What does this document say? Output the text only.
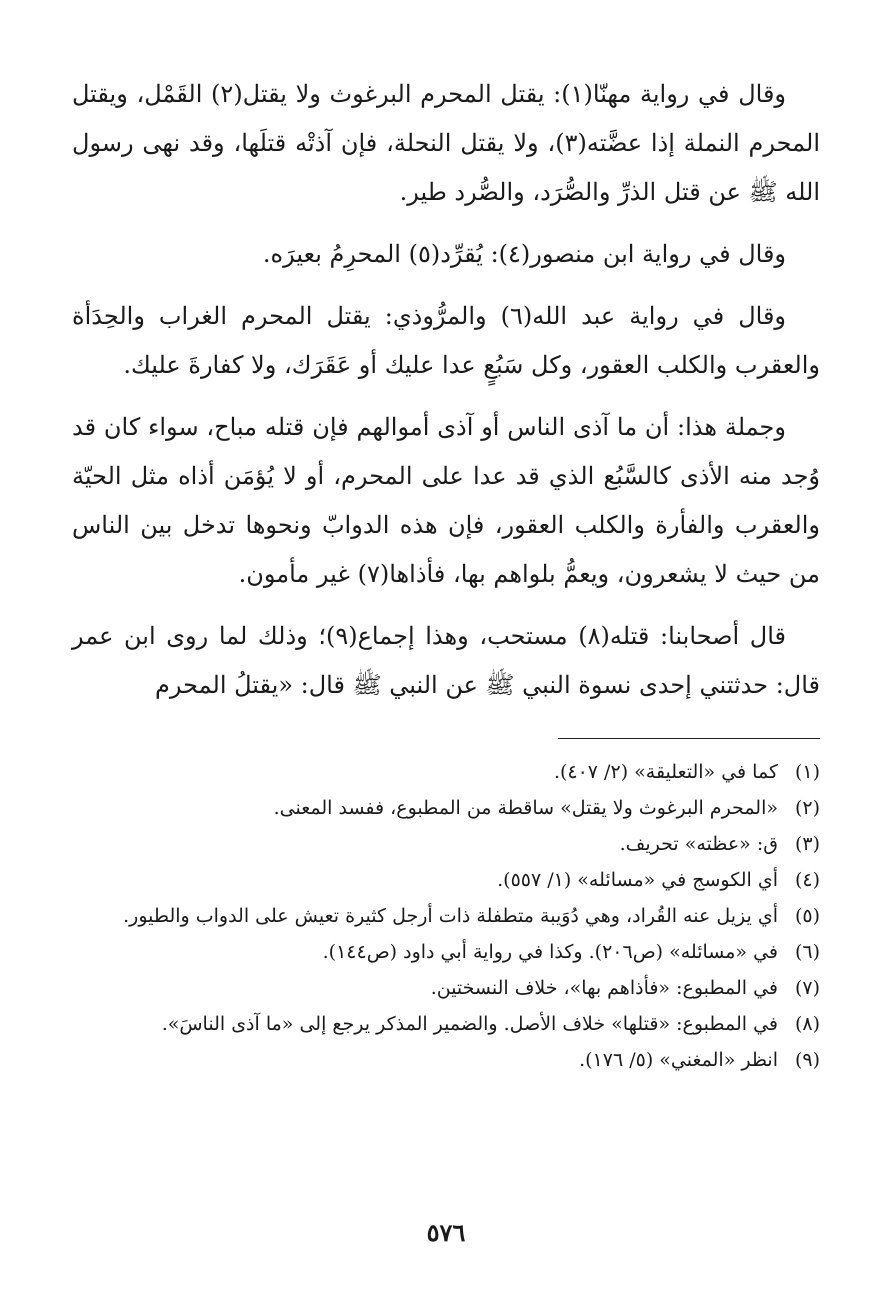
وقال في رواية مهنّا(١): يقتل المحرم البرغوث ولا يقتل(٢) القَمْل، ويقتل المحرم النملة إذا عضَّته(٣)، ولا يقتل النحلة، فإن آذتْه قتلَها، وقد نهى رسول الله ﷺ عن قتل الذرِّ والصُّرَد، والصُّرد طير.

وقال في رواية ابن منصور(٤): يُقرِّد(٥) المحرِمُ بعيرَه.

وقال في رواية عبد الله(٦) والمرُّوذي: يقتل المحرم الغراب والحِدَأة والعقرب والكلب العقور، وكل سَبُعٍ عدا عليك أو عَقَرَك، ولا كفارةَ عليك.

وجملة هذا: أن ما آذى الناس أو آذى أموالهم فإن قتله مباح، سواء كان قد وُجد منه الأذى كالسَّبُع الذي قد عدا على المحرم، أو لا يُؤمَن أذاه مثل الحيّة والعقرب والفأرة والكلب العقور، فإن هذه الدوابّ ونحوها تدخل بين الناس من حيث لا يشعرون، ويعمُّ بلواهم بها، فأذاها(٧) غير مأمون.

قال أصحابنا: قتله(٨) مستحب، وهذا إجماع(٩)؛ وذلك لما روى ابن عمر قال: حدثتني إحدى نسوة النبي ﷺ عن النبي ﷺ قال: «يقتلُ المحرم

(١)
كما في «التعليقة» (٢/ ٤٠٧).
(٢)
«المحرم البرغوث ولا يقتل» ساقطة من المطبوع، ففسد المعنى.
(٣)
ق: «عظته» تحريف.
(٤)
أي الكوسج في «مسائله» (١/ ٥٥٧).
(٥)
أي يزيل عنه القُراد، وهي دُوَيبة متطفلة ذات أرجل كثيرة تعيش على الدواب والطيور.
(٦)
في «مسائله» (ص٢٠٦). وكذا في رواية أبي داود (ص١٤٤).
(٧)
في المطبوع: «فأذاهم بها»، خلاف النسختين.
(٨)
في المطبوع: «قتلها» خلاف الأصل. والضمير المذكر يرجع إلى «ما آذى الناسَ».
(٩)
انظر «المغني» (٥/ ١٧٦).
٥٧٦
